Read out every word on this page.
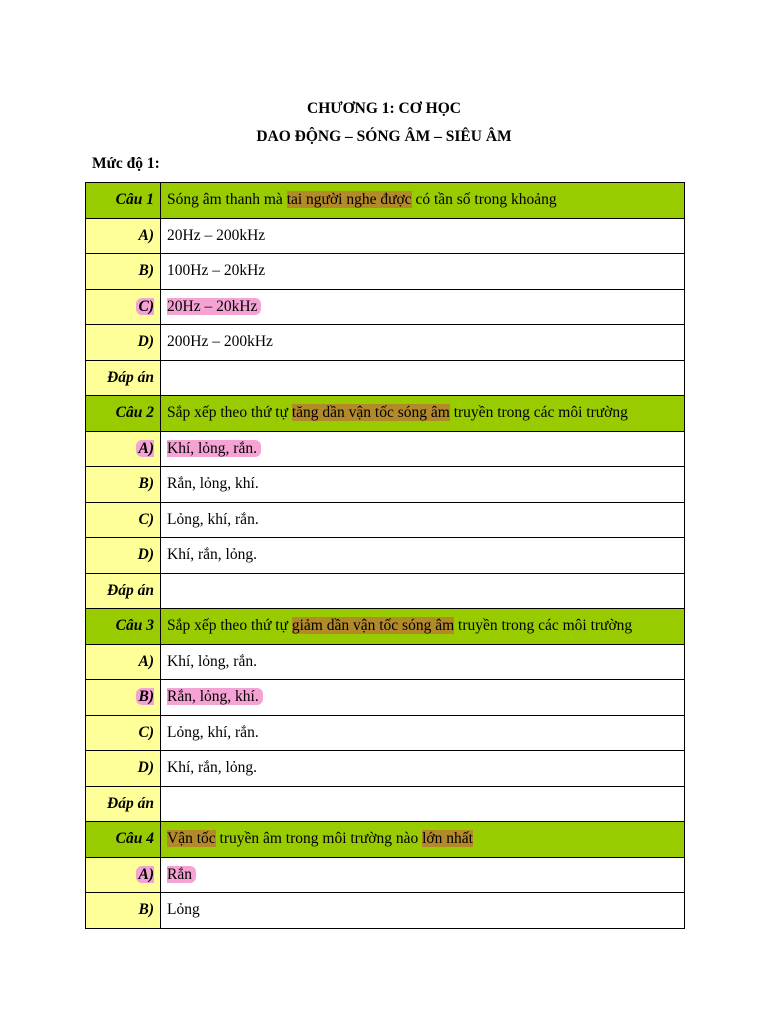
CHƯƠNG 1: CƠ HỌC
DAO ĐỘNG – SÓNG ÂM – SIÊU ÂM
Mức độ 1:
Câu 1	Sóng âm thanh mà tai người nghe được có tần số trong khoảng
A)	20Hz – 200kHz
B)	100Hz – 20kHz
C)	20Hz – 20kHz
D)	200Hz – 200kHz
Đáp án	
Câu 2	Sắp xếp theo thứ tự tăng dần vận tốc sóng âm truyền trong các môi trường
A)	Khí, lỏng, rắn.
B)	Rắn, lỏng, khí.
C)	Lỏng, khí, rắn.
D)	Khí, rắn, lỏng.
Đáp án	
Câu 3	Sắp xếp theo thứ tự giảm dần vận tốc sóng âm truyền trong các môi trường
A)	Khí, lỏng, rắn.
B)	Rắn, lỏng, khí.
C)	Lỏng, khí, rắn.
D)	Khí, rắn, lỏng.
Đáp án	
Câu 4	Vận tốc truyền âm trong môi trường nào lớn nhất
A)	Rắn
B)	Lỏng
